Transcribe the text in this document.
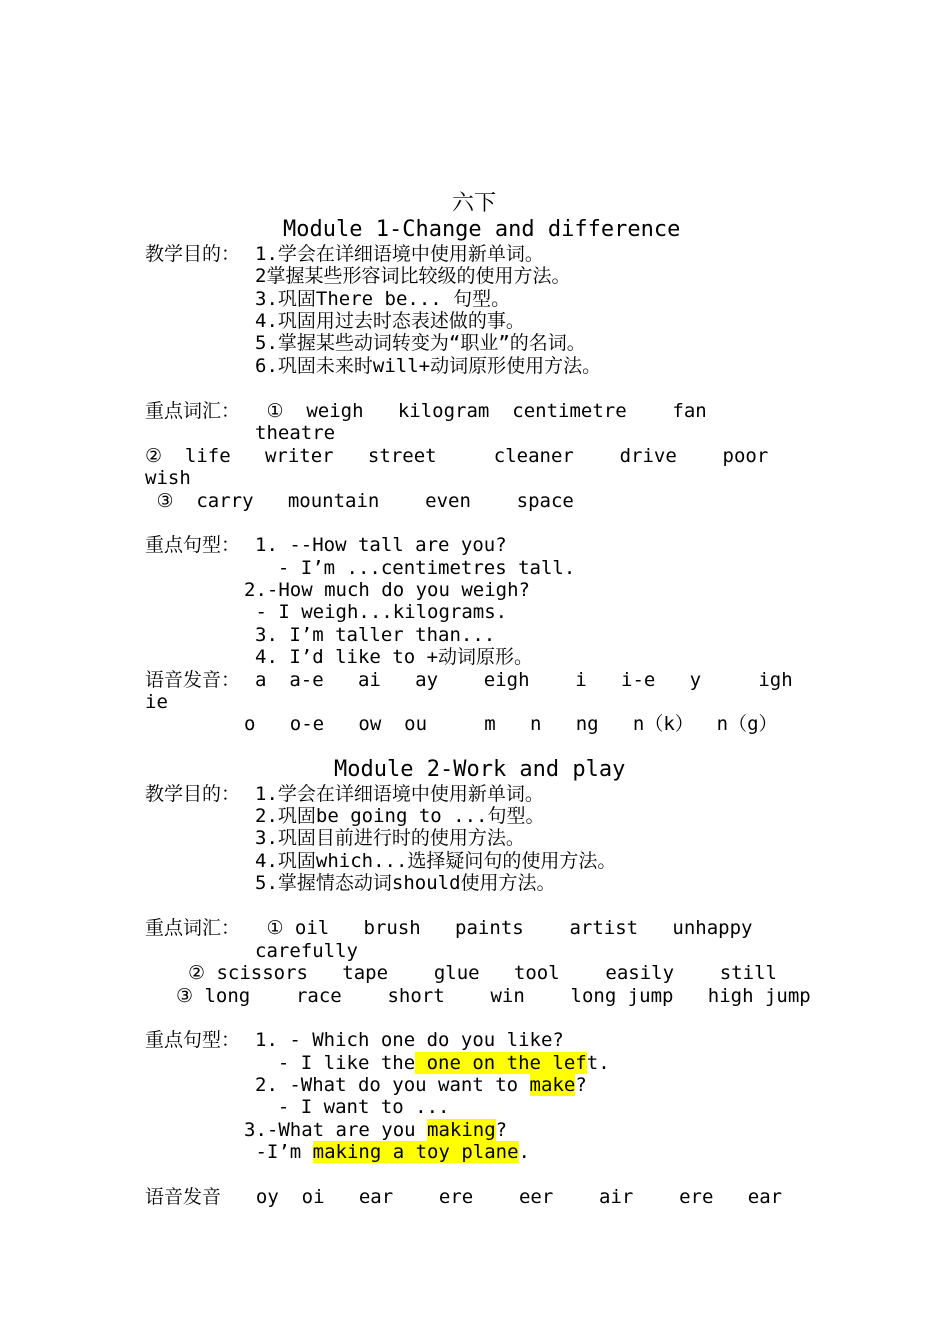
六下
Module 1-Change and difference
教学目的： 1.学会在详细语境中使用新单词。
2掌握某些形容词比较级的使用方法。
3.巩固There be... 句型。
4.巩固用过去时态表述做的事。
5.掌握某些动词转变为“职业”的名词。
6.巩固未来时will+动词原形使用方法。
重点词汇： ①  weigh   kilogram  centimetre    fan
theatre
②  life   writer   street     cleaner    drive    poor
wish
③  carry   mountain    even    space
重点句型： 1. --How tall are you?
- I’m ...centimetres tall.
2.-How much do you weigh?
- I weigh...kilograms.
3. I’m taller than...
4. I’d like to +动词原形。
语音发音： a  a-e   ai   ay    eigh    i   i-e   y     igh
ie
o   o-e   ow  ou     m   n   ng   n（k）  n（g）
Module 2-Work and play
教学目的： 1.学会在详细语境中使用新单词。
2.巩固be going to ...句型。
3.巩固目前进行时的使用方法。
4.巩固which...选择疑问句的使用方法。
5.掌握情态动词should使用方法。
重点词汇： ① oil   brush   paints    artist   unhappy
carefully
② scissors   tape    glue   tool    easily    still
③ long    race    short    win    long jump   high jump
重点句型： 1. - Which one do you like?
- I like the one on the left.
2. -What do you want to make?
- I want to ...
3.-What are you making?
-I’m making a toy plane.
语音发音 oy  oi   ear    ere    eer    air    ere   ear
